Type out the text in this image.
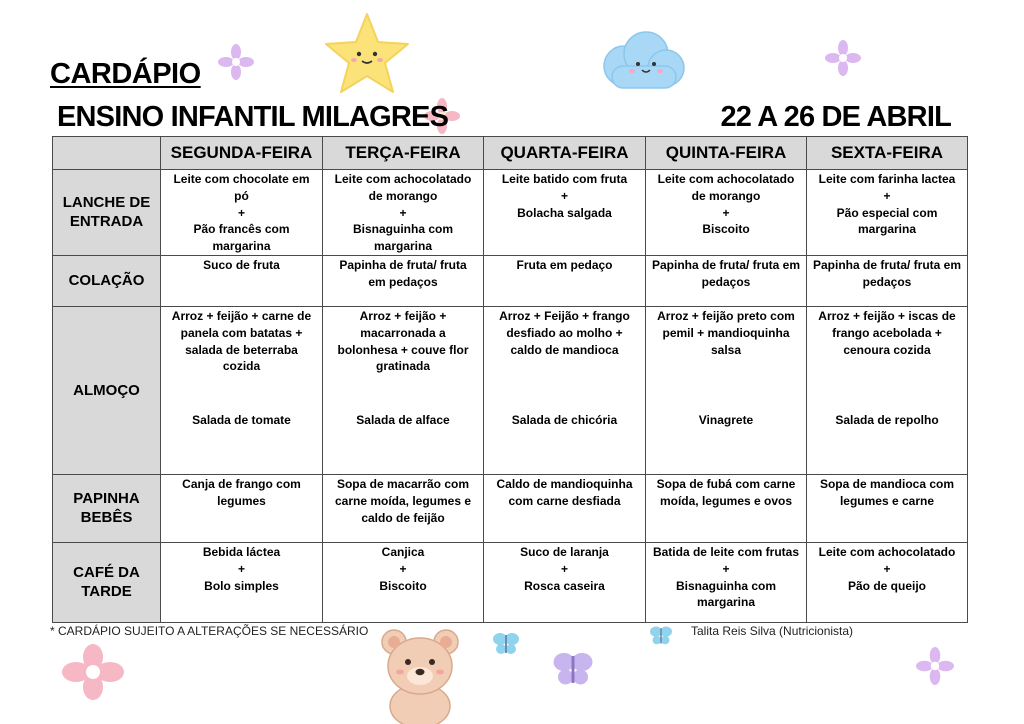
CARDÁPIO
ENSINO INFANTIL MILAGRES	22 A 26 DE ABRIL
	SEGUNDA-FEIRA	TERÇA-FEIRA	QUARTA-FEIRA	QUINTA-FEIRA	SEXTA-FEIRA

LANCHE DE
ENTRADA	Leite com chocolate em
pó
+
Pão francês com
margarina	Leite com achocolatado
de morango
+
Bisnaguinha com
margarina	Leite batido com fruta
+
Bolacha salgada	Leite com achocolatado
de morango
+
Biscoito	Leite com farinha lactea
+
Pão especial com
margarina

COLAÇÃO	Suco de fruta	Papinha de fruta/ fruta
em pedaços	Fruta em pedaço	Papinha de fruta/ fruta em
pedaços	Papinha de fruta/ fruta em
pedaços

ALMOÇO	Arroz + feijão + carne de
panela com batatas +
salada de beterraba
cozida
Salada de tomate	Arroz + feijão +
macarronada a
bolonhesa + couve flor
gratinada
Salada de alface	Arroz + Feijão + frango
desfiado ao molho +
caldo de mandioca
Salada de chicória	Arroz + feijão preto com
pemil + mandioquinha
salsa
Vinagrete	Arroz + feijão + iscas de
frango acebolada +
cenoura cozida
Salada de repolho

PAPINHA
BEBÊS	Canja de frango com
legumes	Sopa de macarrão com
carne moída, legumes e
caldo de feijão	Caldo de mandioquinha
com carne desfiada	Sopa de fubá com carne
moída, legumes e ovos	Sopa de mandioca com
legumes e carne

CAFÉ DA
TARDE	Bebida láctea
+
Bolo simples	Canjica
+
Biscoito	Suco de laranja
+
Rosca caseira	Batida de leite com frutas
+
Bisnaguinha com
margarina	Leite com achocolatado
+
Pão de queijo
* CARDÁPIO SUJEITO A ALTERAÇÕES SE NECESSÁRIO	Talita Reis Silva (Nutricionista)
